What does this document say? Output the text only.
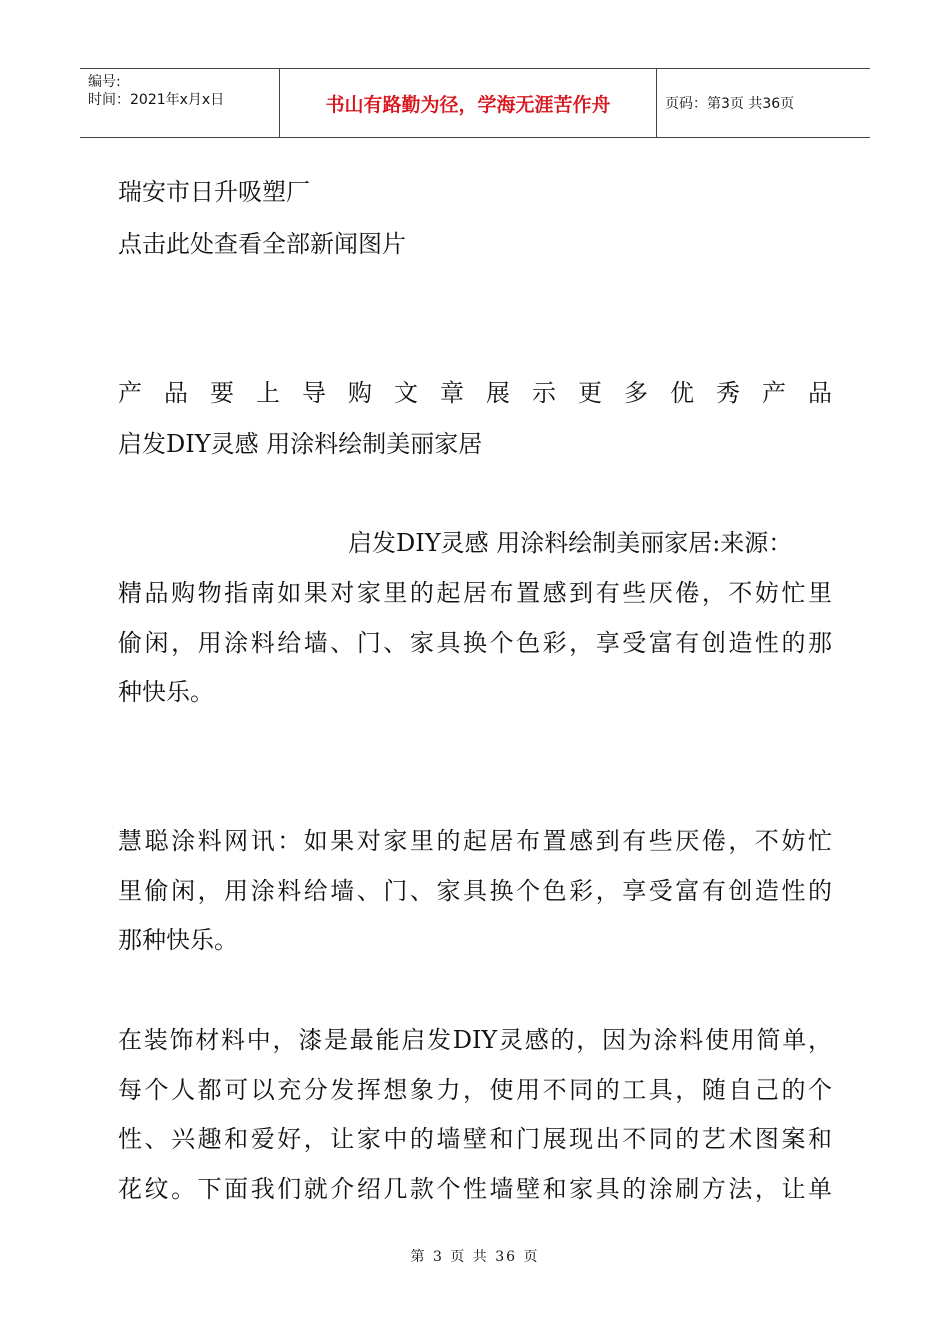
编号:
时间：2021年x月x日	书山有路勤为径，学海无涯苦作舟	页码：第3页 共36页
瑞安市日升吸塑厂
点击此处查看全部新闻图片
产品要上导购文章展示更多优秀产品
启发DIY灵感 用涂料绘制美丽家居
启发DIY灵感 用涂料绘制美丽家居:来源：
精品购物指南如果对家里的起居布置感到有些厌倦，不妨忙里
偷闲，用涂料给墙、门、家具换个色彩，享受富有创造性的那
种快乐。
慧聪涂料网讯：如果对家里的起居布置感到有些厌倦，不妨忙
里偷闲，用涂料给墙、门、家具换个色彩，享受富有创造性的
那种快乐。
在装饰材料中，漆是最能启发DIY灵感的，因为涂料使用简单，
每个人都可以充分发挥想象力，使用不同的工具，随自己的个
性、兴趣和爱好，让家中的墙壁和门展现出不同的艺术图案和
花纹。下面我们就介绍几款个性墙壁和家具的涂刷方法，让单
第 3 页 共 36 页
